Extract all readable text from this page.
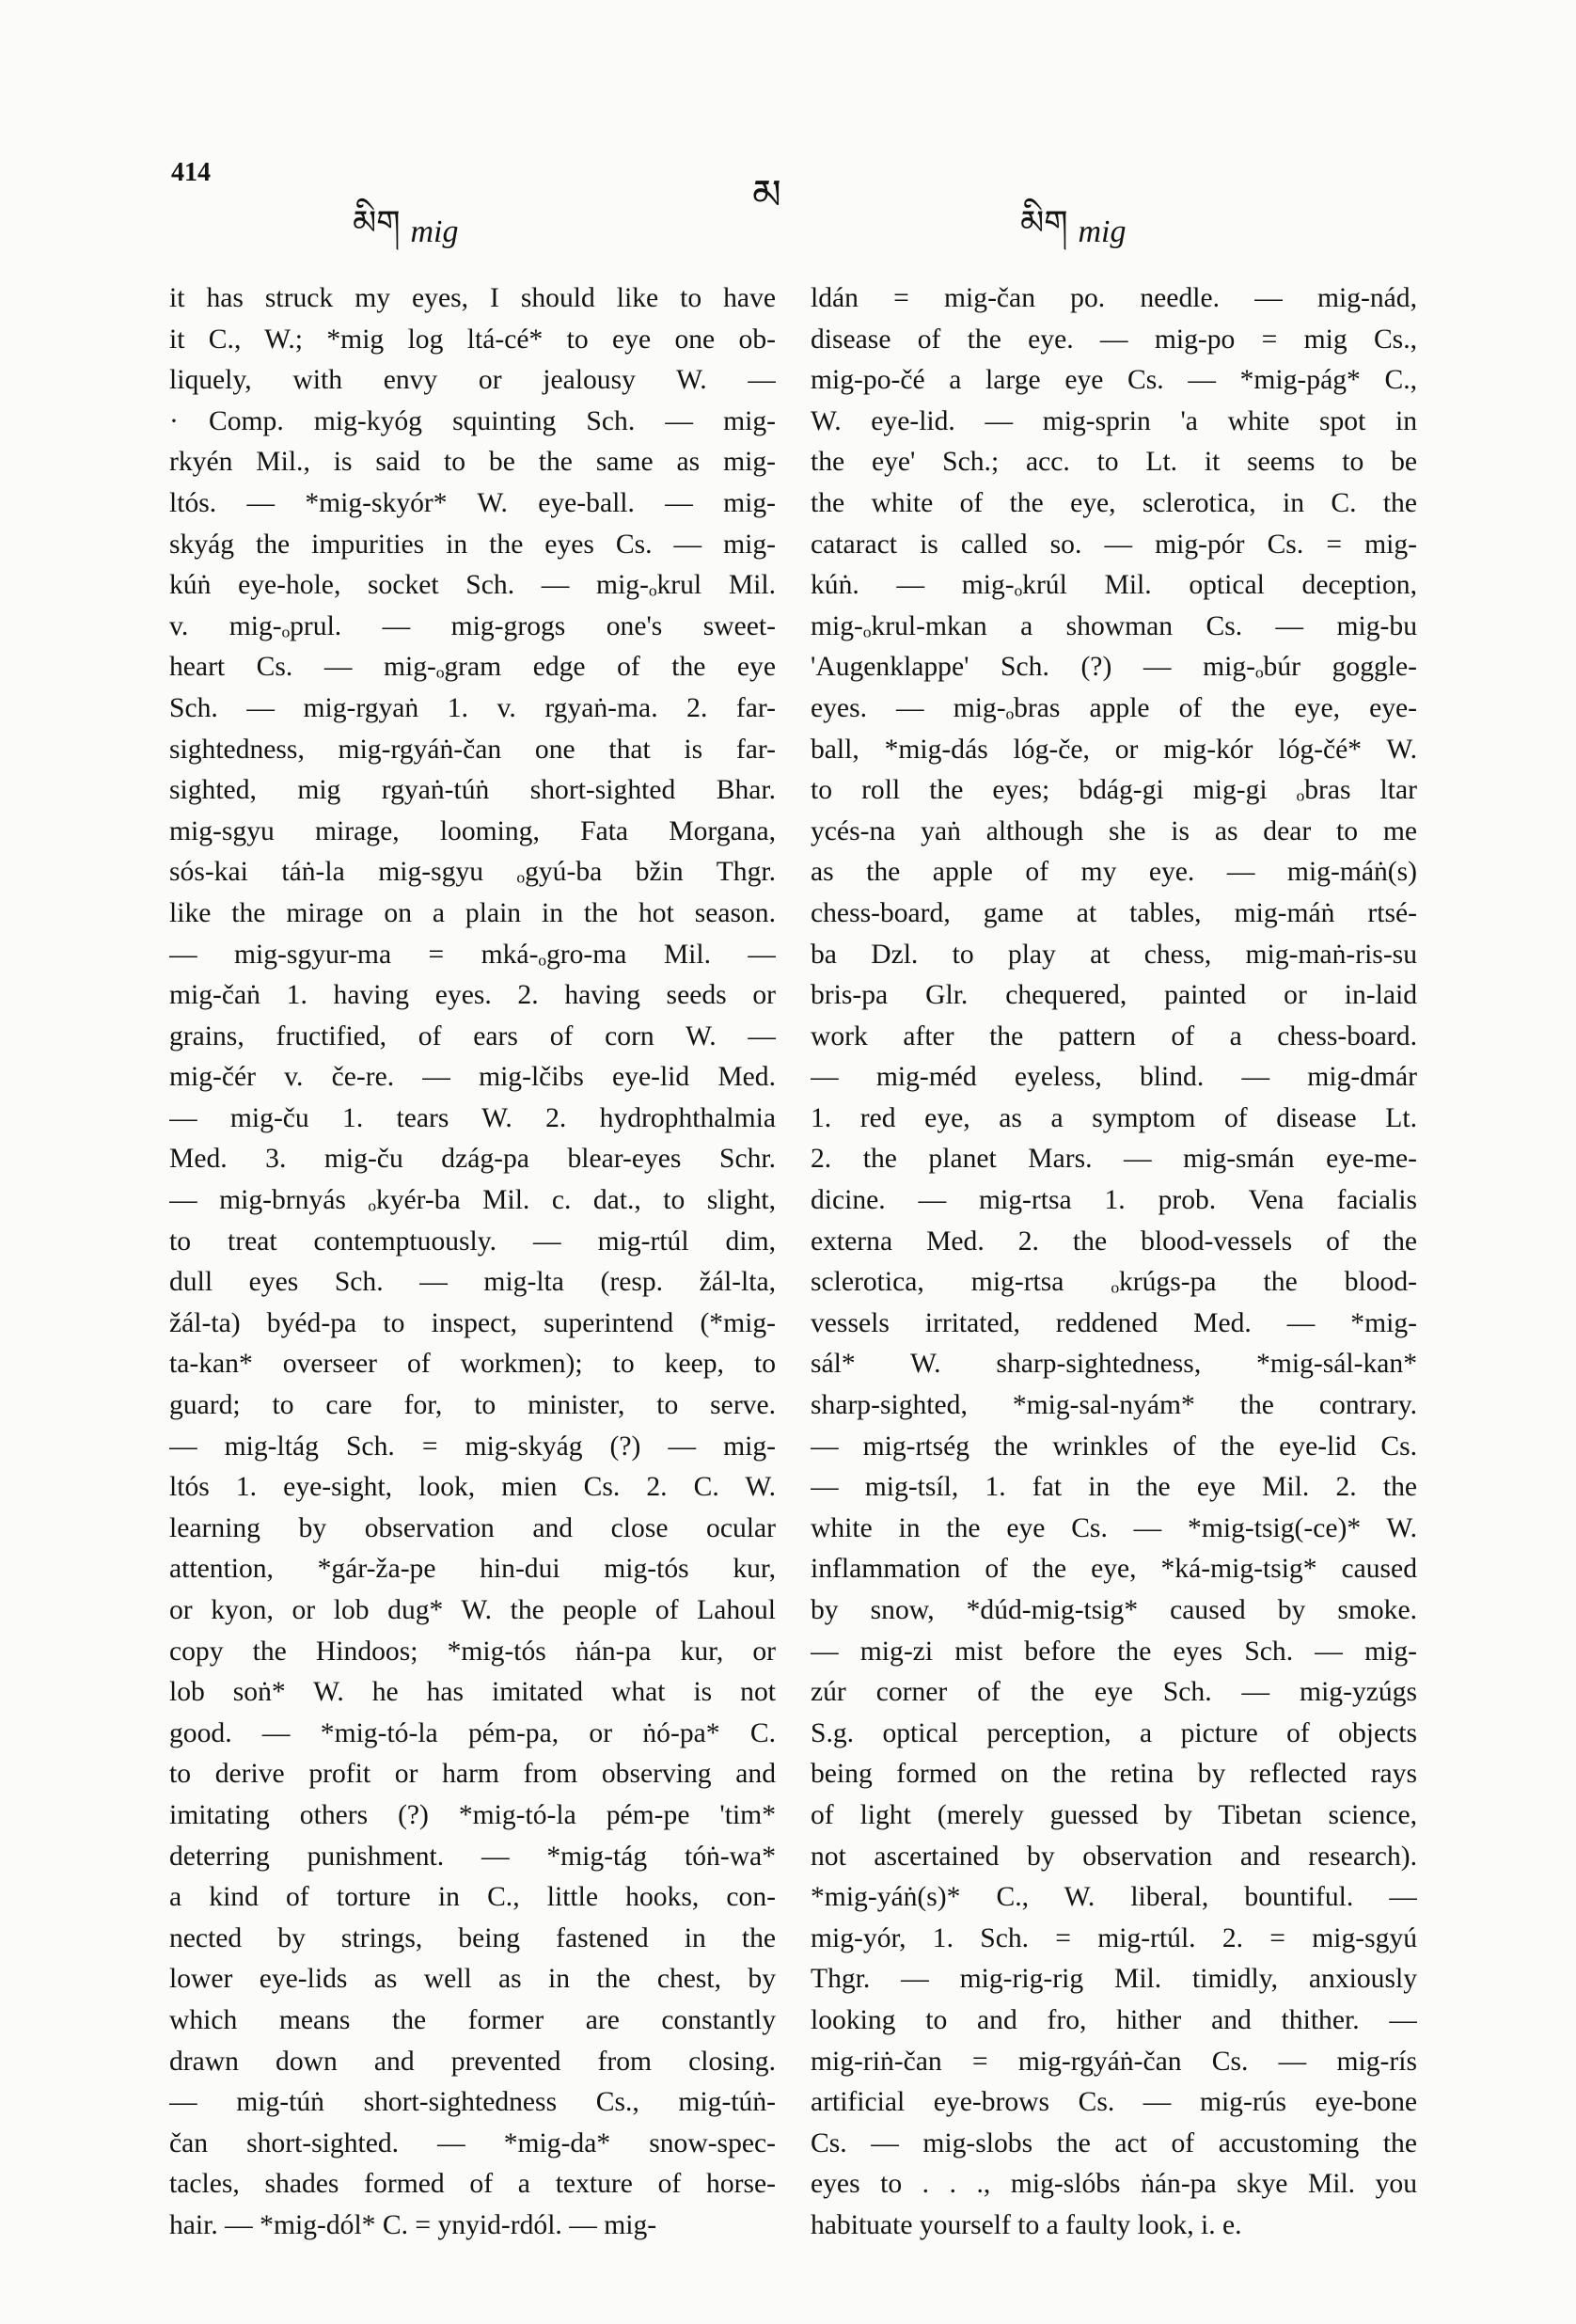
414
མིག mig
མ
མིག mig
it has struck my eyes, I should like to have
it C., W.; *mig log ltá-cé* to eye one ob-
liquely, with envy or jealousy W. —
· Comp. mig-kyóg squinting Sch. — mig-
rkyén Mil., is said to be the same as mig-
ltós. — *mig-skyór* W. eye-ball. — mig-
skyág the impurities in the eyes Cs. — mig-
kúṅ eye-hole, socket Sch. — mig-ₒkrul Mil.
v. mig-ₒprul. — mig-grogs one's sweet-
heart Cs. — mig-ₒgram edge of the eye
Sch. — mig-rgyaṅ 1. v. rgyaṅ-ma. 2. far-
sightedness, mig-rgyáṅ-čan one that is far-
sighted, mig rgyaṅ-túṅ short-sighted Bhar.
mig-sgyu mirage, looming, Fata Morgana,
sós-kai táṅ-la mig-sgyu ₒgyú-ba bžin Thgr.
like the mirage on a plain in the hot season.
— mig-sgyur-ma = mká-ₒgro-ma Mil. —
mig-čaṅ 1. having eyes. 2. having seeds or
grains, fructified, of ears of corn W. —
mig-čér v. če-re. — mig-lčibs eye-lid Med.
— mig-ču 1. tears W. 2. hydrophthalmia
Med. 3. mig-ču dzág-pa blear-eyes Schr.
— mig-brnyás ₒkyér-ba Mil. c. dat., to slight,
to treat contemptuously. — mig-rtúl dim,
dull eyes Sch. — mig-lta (resp. žál-lta,
žál-ta) byéd-pa to inspect, superintend (*mig-
ta-kan* overseer of workmen); to keep, to
guard; to care for, to minister, to serve.
— mig-ltág Sch. = mig-skyág (?) — mig-
ltós 1. eye-sight, look, mien Cs. 2. C. W.
learning by observation and close ocular
attention, *gár-ža-pe hin-dui mig-tós kur,
or kyon, or lob dug* W. the people of Lahoul
copy the Hindoos; *mig-tós ṅán-pa kur, or
lob soṅ* W. he has imitated what is not
good. — *mig-tó-la pém-pa, or ṅó-pa* C.
to derive profit or harm from observing and
imitating others (?) *mig-tó-la pém-pe 'tim*
deterring punishment. — *mig-tág tóṅ-wa*
a kind of torture in C., little hooks, con-
nected by strings, being fastened in the
lower eye-lids as well as in the chest, by
which means the former are constantly
drawn down and prevented from closing.
— mig-túṅ short-sightedness Cs., mig-túṅ-
čan short-sighted. — *mig-da* snow-spec-
tacles, shades formed of a texture of horse-
hair. — *mig-dól* C. = ynyid-rdól. — mig-
ldán = mig-čan po. needle. — mig-nád,
disease of the eye. — mig-po = mig Cs.,
mig-po-čé a large eye Cs. — *mig-pág* C.,
W. eye-lid. — mig-sprin 'a white spot in
the eye' Sch.; acc. to Lt. it seems to be
the white of the eye, sclerotica, in C. the
cataract is called so. — mig-pór Cs. = mig-
kúṅ. — mig-ₒkrúl Mil. optical deception,
mig-ₒkrul-mkan a showman Cs. — mig-bu
'Augenklappe' Sch. (?) — mig-ₒbúr goggle-
eyes. — mig-ₒbras apple of the eye, eye-
ball, *mig-dás lóg-če, or mig-kór lóg-čé* W.
to roll the eyes; bdág-gi mig-gi ₒbras ltar
ycés-na yaṅ although she is as dear to me
as the apple of my eye. — mig-máṅ(s)
chess-board, game at tables, mig-máṅ rtsé-
ba Dzl. to play at chess, mig-maṅ-ris-su
bris-pa Glr. chequered, painted or in-laid
work after the pattern of a chess-board.
— mig-méd eyeless, blind. — mig-dmár
1. red eye, as a symptom of disease Lt.
2. the planet Mars. — mig-smán eye-me-
dicine. — mig-rtsa 1. prob. Vena facialis
externa Med. 2. the blood-vessels of the
sclerotica, mig-rtsa ₒkrúgs-pa the blood-
vessels irritated, reddened Med. — *mig-
sál* W. sharp-sightedness, *mig-sál-kan*
sharp-sighted, *mig-sal-nyám* the contrary.
— mig-rtség the wrinkles of the eye-lid Cs.
— mig-tsíl, 1. fat in the eye Mil. 2. the
white in the eye Cs. — *mig-tsig(-ce)* W.
inflammation of the eye, *ká-mig-tsig* caused
by snow, *dúd-mig-tsig* caused by smoke.
— mig-zi mist before the eyes Sch. — mig-
zúr corner of the eye Sch. — mig-yzúgs
S.g. optical perception, a picture of objects
being formed on the retina by reflected rays
of light (merely guessed by Tibetan science,
not ascertained by observation and research).
*mig-yáṅ(s)* C., W. liberal, bountiful. —
mig-yór, 1. Sch. = mig-rtúl. 2. = mig-sgyú
Thgr. — mig-rig-rig Mil. timidly, anxiously
looking to and fro, hither and thither. —
mig-riṅ-čan = mig-rgyáṅ-čan Cs. — mig-rís
artificial eye-brows Cs. — mig-rús eye-bone
Cs. — mig-slobs the act of accustoming the
eyes to . . ., mig-slóbs ṅán-pa skye Mil. you
habituate yourself to a faulty look, i. e.
